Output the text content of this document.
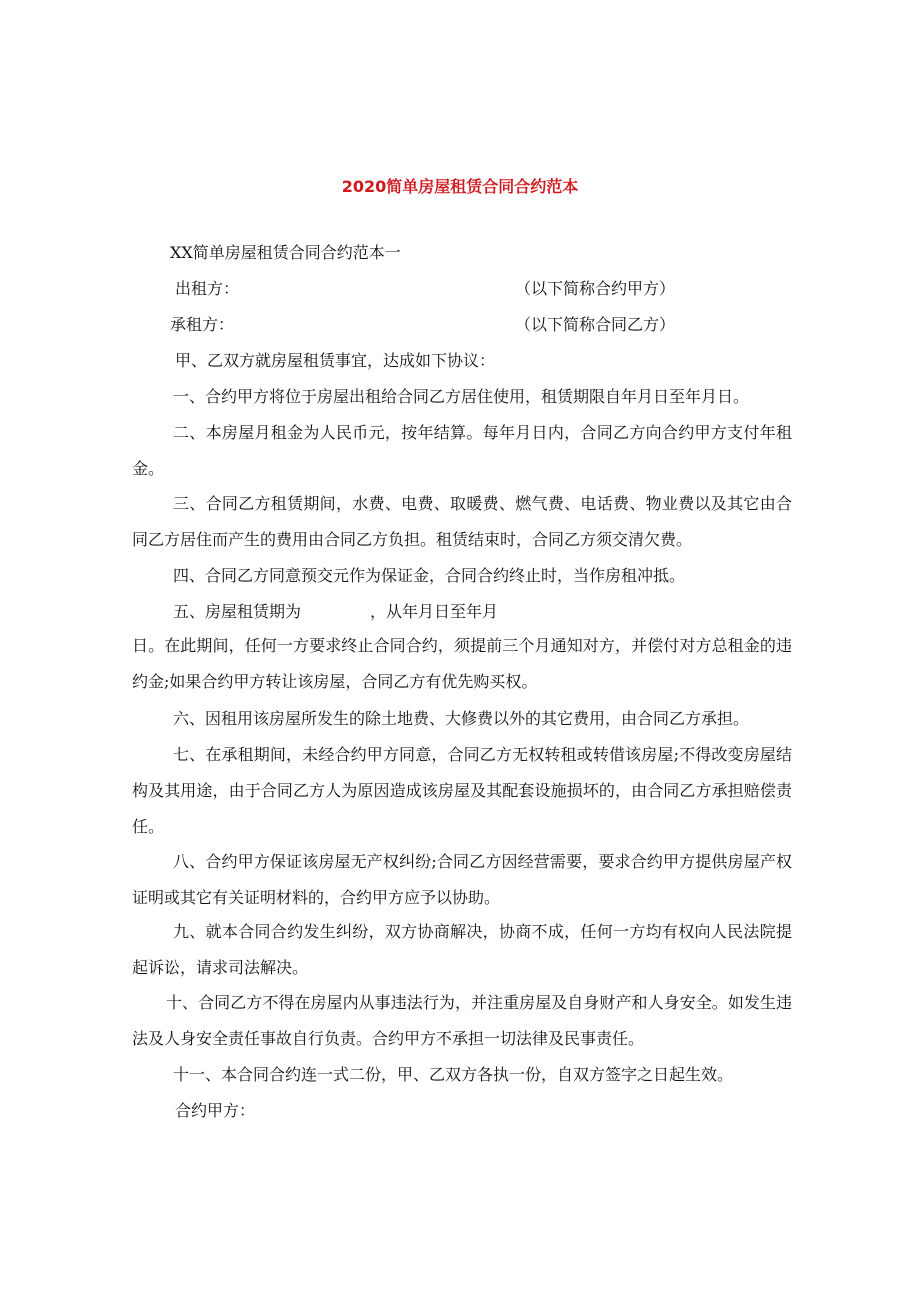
2020简单房屋租赁合同合约范本
XX简单房屋租赁合同合约范本一
出租方：	（以下简称合约甲方）
承租方：	（以下简称合同乙方）
甲、乙双方就房屋租赁事宜，达成如下协议：
一、合约甲方将位于房屋出租给合同乙方居住使用，租赁期限自年月日至年月日。
二、本房屋月租金为人民币元，按年结算。每年月日内，合同乙方向合约甲方支付年租金。
三、合同乙方租赁期间，水费、电费、取暖费、燃气费、电话费、物业费以及其它由合同乙方居住而产生的费用由合同乙方负担。租赁结束时，合同乙方须交清欠费。
四、合同乙方同意预交元作为保证金，合同合约终止时，当作房租冲抵。
五、房屋租赁期为	，从年月日至年月
日。在此期间，任何一方要求终止合同合约，须提前三个月通知对方，并偿付对方总租金的违约金;如果合约甲方转让该房屋，合同乙方有优先购买权。
六、因租用该房屋所发生的除土地费、大修费以外的其它费用，由合同乙方承担。
七、在承租期间，未经合约甲方同意，合同乙方无权转租或转借该房屋;不得改变房屋结构及其用途，由于合同乙方人为原因造成该房屋及其配套设施损坏的，由合同乙方承担赔偿责任。
八、合约甲方保证该房屋无产权纠纷;合同乙方因经营需要，要求合约甲方提供房屋产权证明或其它有关证明材料的，合约甲方应予以协助。
九、就本合同合约发生纠纷，双方协商解决，协商不成，任何一方均有权向人民法院提起诉讼，请求司法解决。
十、合同乙方不得在房屋内从事违法行为，并注重房屋及自身财产和人身安全。如发生违法及人身安全责任事故自行负责。合约甲方不承担一切法律及民事责任。
十一、本合同合约连一式二份，甲、乙双方各执一份，自双方签字之日起生效。
合约甲方：
